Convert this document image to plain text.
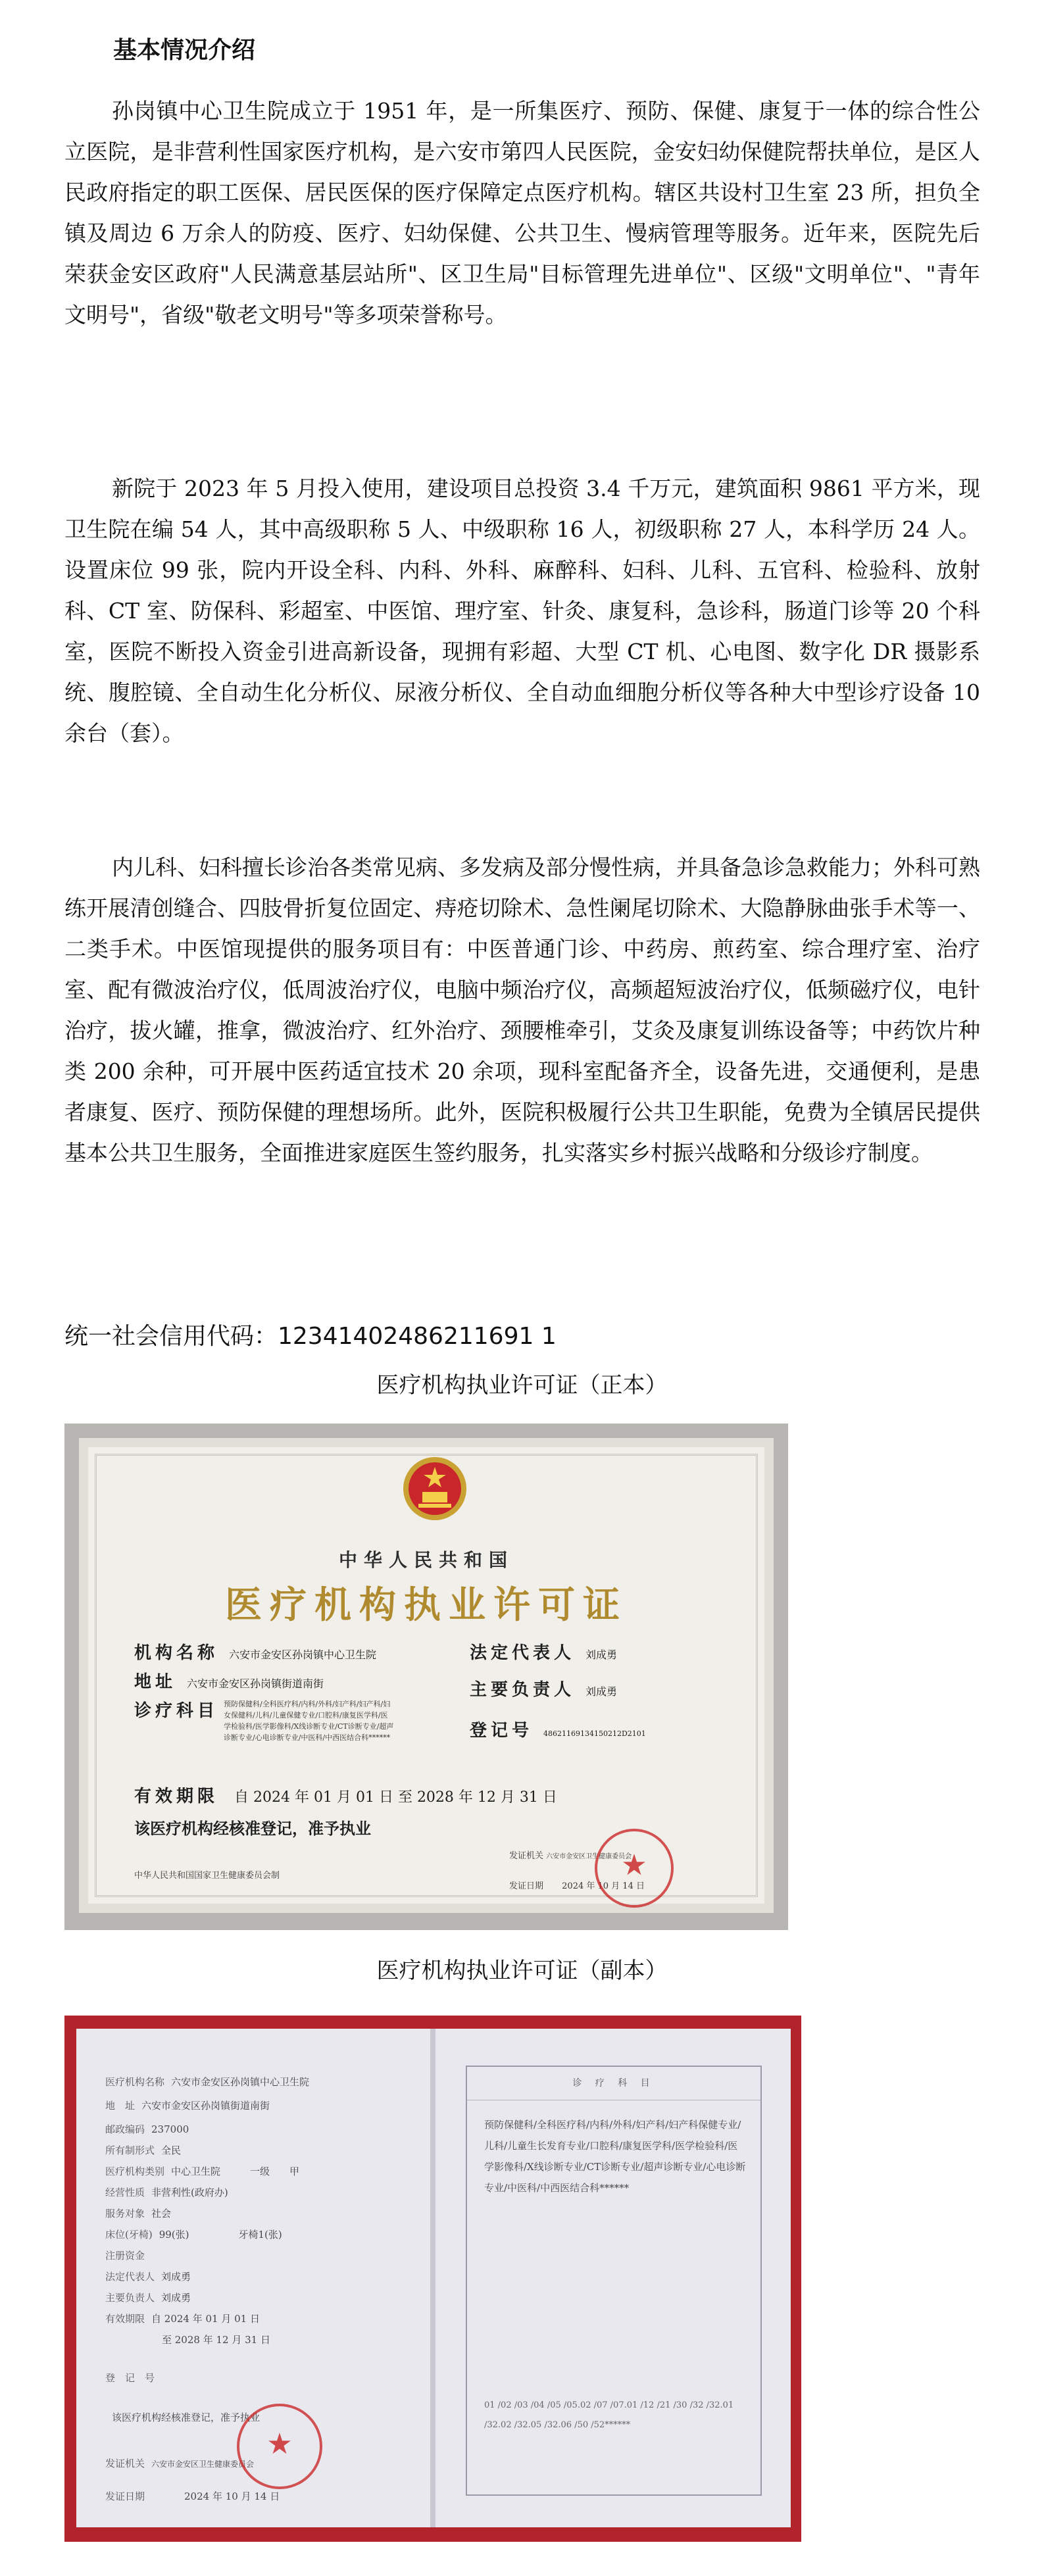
基本情况介绍

孙岗镇中心卫生院成立于 1951 年，是一所集医疗、预防、保健、康复于一体的综合性公立医院，是非营利性国家医疗机构，是六安市第四人民医院，金安妇幼保健院帮扶单位，是区人民政府指定的职工医保、居民医保的医疗保障定点医疗机构。辖区共设村卫生室 23 所，担负全镇及周边 6 万余人的防疫、医疗、妇幼保健、公共卫生、慢病管理等服务。近年来，医院先后荣获金安区政府"人民满意基层站所"、区卫生局"目标管理先进单位"、区级"文明单位"、"青年文明号"，省级"敬老文明号"等多项荣誉称号。

新院于 2023 年 5 月投入使用，建设项目总投资 3.4 千万元，建筑面积 9861 平方米，现卫生院在编 54 人，其中高级职称 5 人、中级职称 16 人，初级职称 27 人，本科学历 24 人。设置床位 99 张，院内开设全科、内科、外科、麻醉科、妇科、儿科、五官科、检验科、放射科、CT 室、防保科、彩超室、中医馆、理疗室、针灸、康复科，急诊科，肠道门诊等 20 个科室，医院不断投入资金引进高新设备，现拥有彩超、大型 CT 机、心电图、数字化 DR 摄影系统、腹腔镜、全自动生化分析仪、尿液分析仪、全自动血细胞分析仪等各种大中型诊疗设备 10 余台（套）。

内儿科、妇科擅长诊治各类常见病、多发病及部分慢性病，并具备急诊急救能力；外科可熟练开展清创缝合、四肢骨折复位固定、痔疮切除术、急性阑尾切除术、大隐静脉曲张手术等一、二类手术。中医馆现提供的服务项目有：中医普通门诊、中药房、煎药室、综合理疗室、治疗室、配有微波治疗仪，低周波治疗仪，电脑中频治疗仪，高频超短波治疗仪，低频磁疗仪，电针治疗，拔火罐，推拿，微波治疗、红外治疗、颈腰椎牵引，艾灸及康复训练设备等；中药饮片种类 200 余种，可开展中医药适宜技术 20 余项，现科室配备齐全，设备先进，交通便利，是患者康复、医疗、预防保健的理想场所。此外，医院积极履行公共卫生职能，免费为全镇居民提供基本公共卫生服务，全面推进家庭医生签约服务，扎实落实乡村振兴战略和分级诊疗制度。

统一社会信用代码：12341402486211691 1
医疗机构执业许可证（正本）
中华人民共和国
医疗机构执业许可证
机构名称 六安市金安区孙岗镇中心卫生院
地址 六安市金安区孙岗镇街道南街
诊疗科目 预防保健科/全科医疗科/内科/外科/妇产科/妇产科/妇女保健科/儿科/儿童保健专业/口腔科/康复医学科/医学检验科/医学影像科/X线诊断专业/CT诊断专业/超声诊断专业/心电诊断专业/中医科/中西医结合科******
法定代表人 刘成勇
主要负责人 刘成勇
登记号 48621169134150212D2101
有效期限 自 2024 年 01 月 01 日 至 2028 年 12 月 31 日
该医疗机构经核准登记，准予执业
中华人民共和国国家卫生健康委员会制
发证机关 六安市金安区卫生健康委员会
发证日期 2024 年 10 月 14 日
★
医疗机构执业许可证（副本）
医疗机构名称 六安市金安区孙岗镇中心卫生院
地　址 六安市金安区孙岗镇街道南街
邮政编码 237000
所有制形式 全民
医疗机构类别 中心卫生院　　　一级　　甲
经营性质 非营利性(政府办)
服务对象 社会
床位(牙椅) 99(张)　　　　　牙椅1(张)
注册资金
法定代表人 刘成勇
主要负责人 刘成勇
有效期限 自 2024 年 01 月 01 日
至 2028 年 12 月 31 日
登　记　号
该医疗机构经核准登记，准予执业
发证机关 六安市金安区卫生健康委员会
发证日期	2024 年 10 月 14 日
★
诊 疗 科 目
预防保健科/全科医疗科/内科/外科/妇产科/妇产科保健专业/儿科/儿童生长发育专业/口腔科/康复医学科/医学检验科/医学影像科/X线诊断专业/CT诊断专业/超声诊断专业/心电诊断专业/中医科/中西医结合科******
01 /02 /03 /04 /05 /05.02 /07 /07.01 /12 /21 /30 /32 /32.01 /32.02 /32.05 /32.06 /50 /52******
